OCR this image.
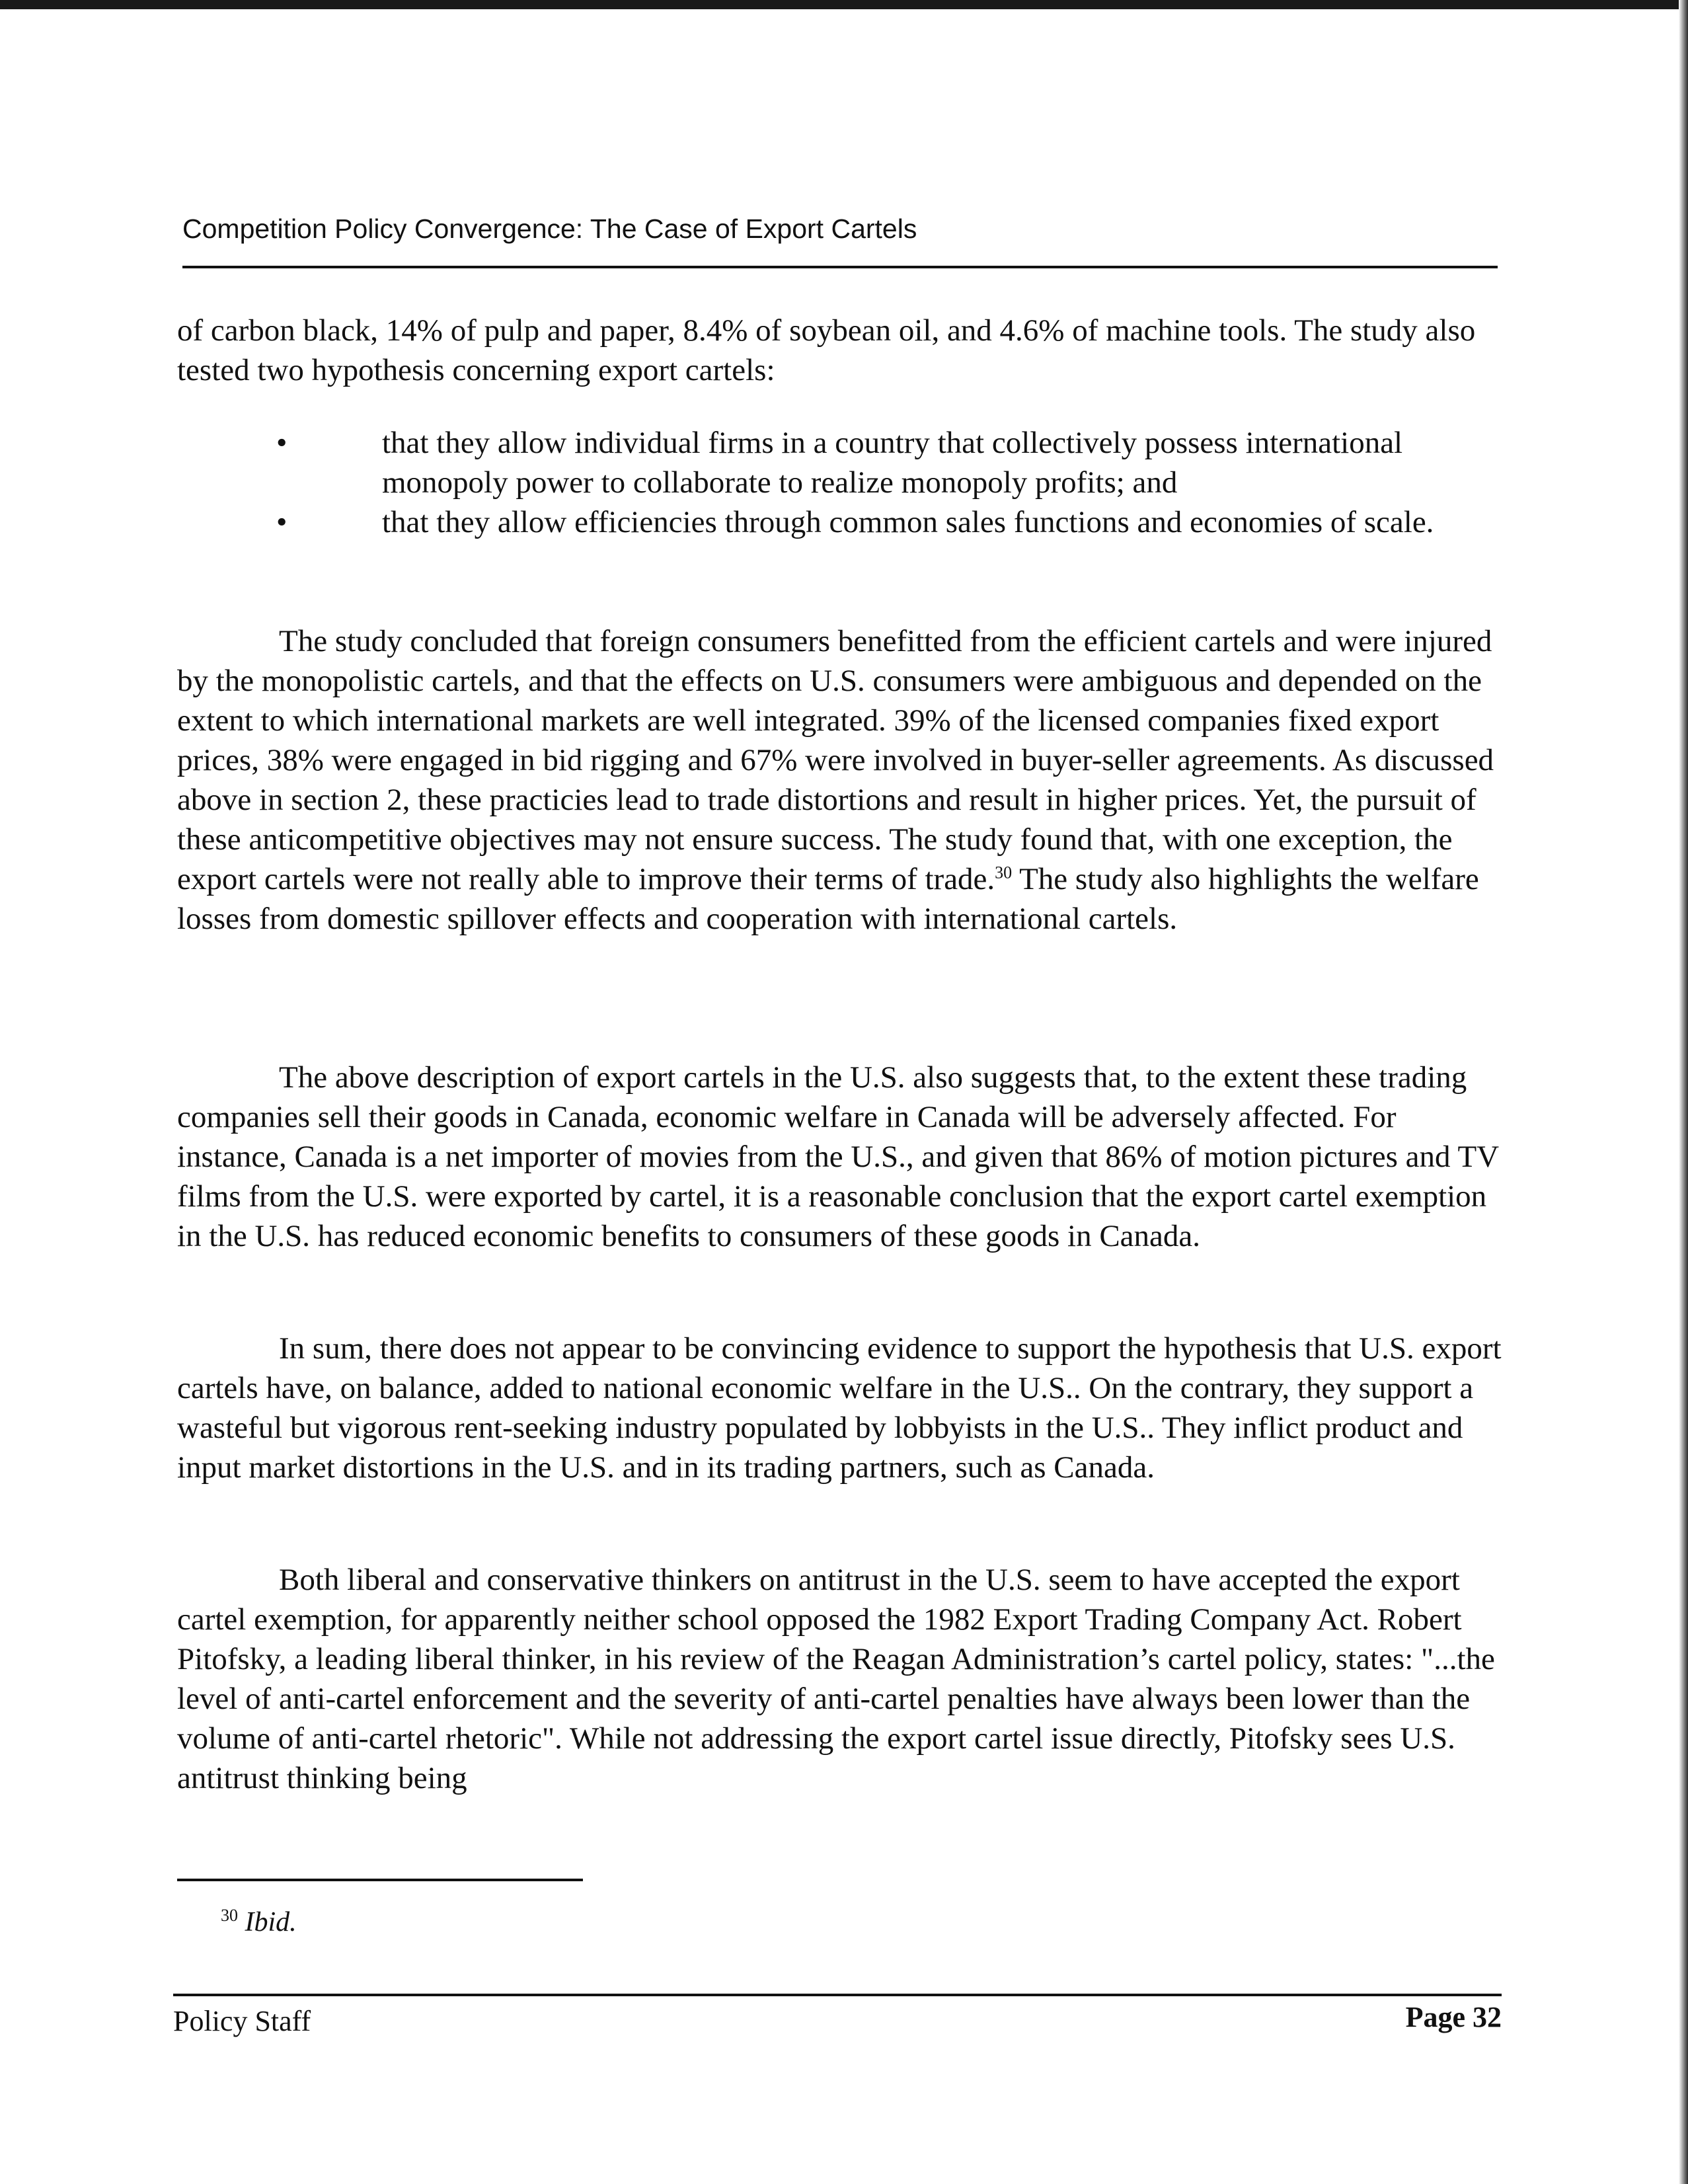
Competition Policy Convergence: The Case of Export Cartels

of carbon black, 14% of pulp and paper, 8.4% of soybean oil, and 4.6% of machine tools. The study also tested two hypothesis concerning export cartels:

•	that they allow individual firms in a country that collectively possess international monopoly power to collaborate to realize monopoly profits; and
•	that they allow efficiencies through common sales functions and economies of scale.

The study concluded that foreign consumers benefitted from the efficient cartels and were injured by the monopolistic cartels, and that the effects on U.S. consumers were ambiguous and depended on the extent to which international markets are well integrated. 39% of the licensed companies fixed export prices, 38% were engaged in bid rigging and 67% were involved in buyer-seller agreements. As discussed above in section 2, these practicies lead to trade distortions and result in higher prices. Yet, the pursuit of these anticompetitive objectives may not ensure success. The study found that, with one exception, the export cartels were not really able to improve their terms of trade.$^{30}$ The study also highlights the welfare losses from domestic spillover effects and cooperation with international cartels.

The above description of export cartels in the U.S. also suggests that, to the extent these trading companies sell their goods in Canada, economic welfare in Canada will be adversely affected. For instance, Canada is a net importer of movies from the U.S., and given that 86% of motion pictures and TV films from the U.S. were exported by cartel, it is a reasonable conclusion that the export cartel exemption in the U.S. has reduced economic benefits to consumers of these goods in Canada.

In sum, there does not appear to be convincing evidence to support the hypothesis that U.S. export cartels have, on balance, added to national economic welfare in the U.S.. On the contrary, they support a wasteful but vigorous rent-seeking industry populated by lobbyists in the U.S.. They inflict product and input market distortions in the U.S. and in its trading partners, such as Canada.

Both liberal and conservative thinkers on antitrust in the U.S. seem to have accepted the export cartel exemption, for apparently neither school opposed the 1982 Export Trading Company Act. Robert Pitofsky, a leading liberal thinker, in his review of the Reagan Administration’s cartel policy, states: "...the level of anti-cartel enforcement and the severity of anti-cartel penalties have always been lower than the volume of anti-cartel rhetoric". While not addressing the export cartel issue directly, Pitofsky sees U.S. antitrust thinking being

$^{30}$ Ibid.
Policy Staff	Page 32
